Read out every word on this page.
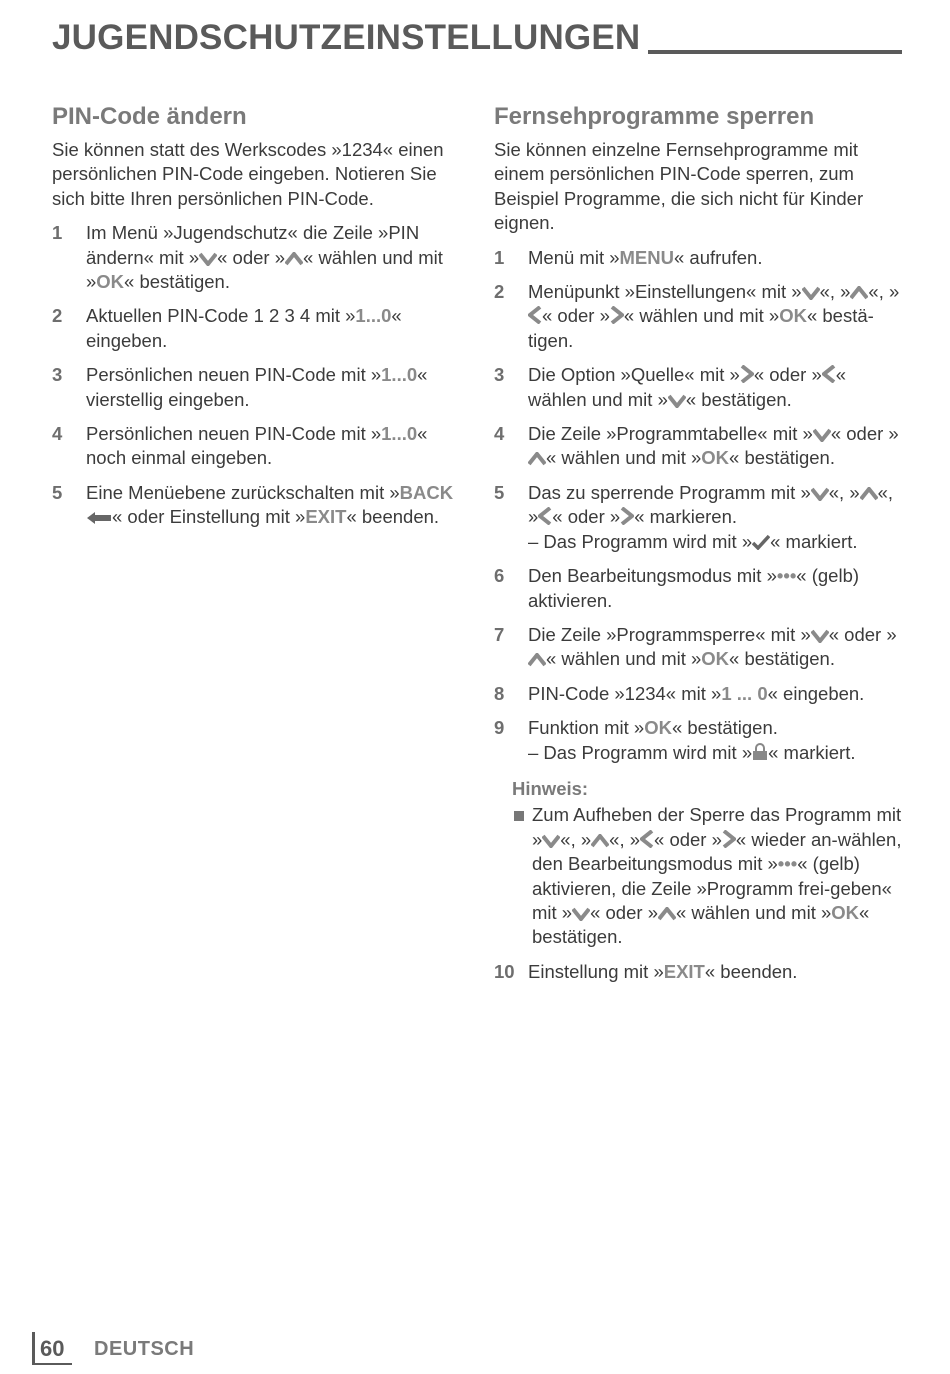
JUGENDSCHUTZEINSTELLUNGEN
PIN-Code ändern
Sie können statt des Werkscodes »1234« einen persönlichen PIN-Code eingeben. Notieren Sie sich bitte Ihren persönlichen PIN-Code.
1 Im Menü »Jugendschutz« die Zeile »PIN ändern« mit » « oder » « wählen und mit »OK« bestätigen.
2 Aktuellen PIN-Code 1 2 3 4 mit »1...0« eingeben.
3 Persönlichen neuen PIN-Code mit »1...0« vierstellig eingeben.
4 Persönlichen neuen PIN-Code mit »1...0« noch einmal eingeben.
5 Eine Menüebene zurückschalten mit »BACK « oder Einstellung mit »EXIT« beenden.
Fernsehprogramme sperren
Sie können einzelne Fernsehprogramme mit einem persönlichen PIN-Code sperren, zum Beispiel Programme, die sich nicht für Kinder eignen.
1 Menü mit »MENU« aufrufen.
2 Menüpunkt »Einstellungen« mit » «, » «, »« oder » « wählen und mit »OK« bestä-tigen.
3 Die Option »Quelle« mit » « oder » « wählen und mit » « bestätigen.
4 Die Zeile »Programmtabelle« mit » « oder »« wählen und mit »OK« bestätigen.
5 Das zu sperrende Programm mit » «, » «, » « oder » « markieren.
– Das Programm wird mit » « markiert.
6 Den Bearbeitungsmodus mit »•••« (gelb) aktivieren.
7 Die Zeile »Programmsperre« mit » « oder »« wählen und mit »OK« bestätigen.
8 PIN-Code »1234« mit »1 ... 0« eingeben.
9 Funktion mit »OK« bestätigen.
– Das Programm wird mit » « markiert.
Hinweis:
Zum Aufheben der Sperre das Programm mit » «, » «, » « oder » « wieder an-wählen, den Bearbeitungsmodus mit »•••« (gelb) aktivieren, die Zeile »Programm frei-geben« mit » « oder » « wählen und mit »OK« bestätigen.
10 Einstellung mit »EXIT« beenden.
60 DEUTSCH
